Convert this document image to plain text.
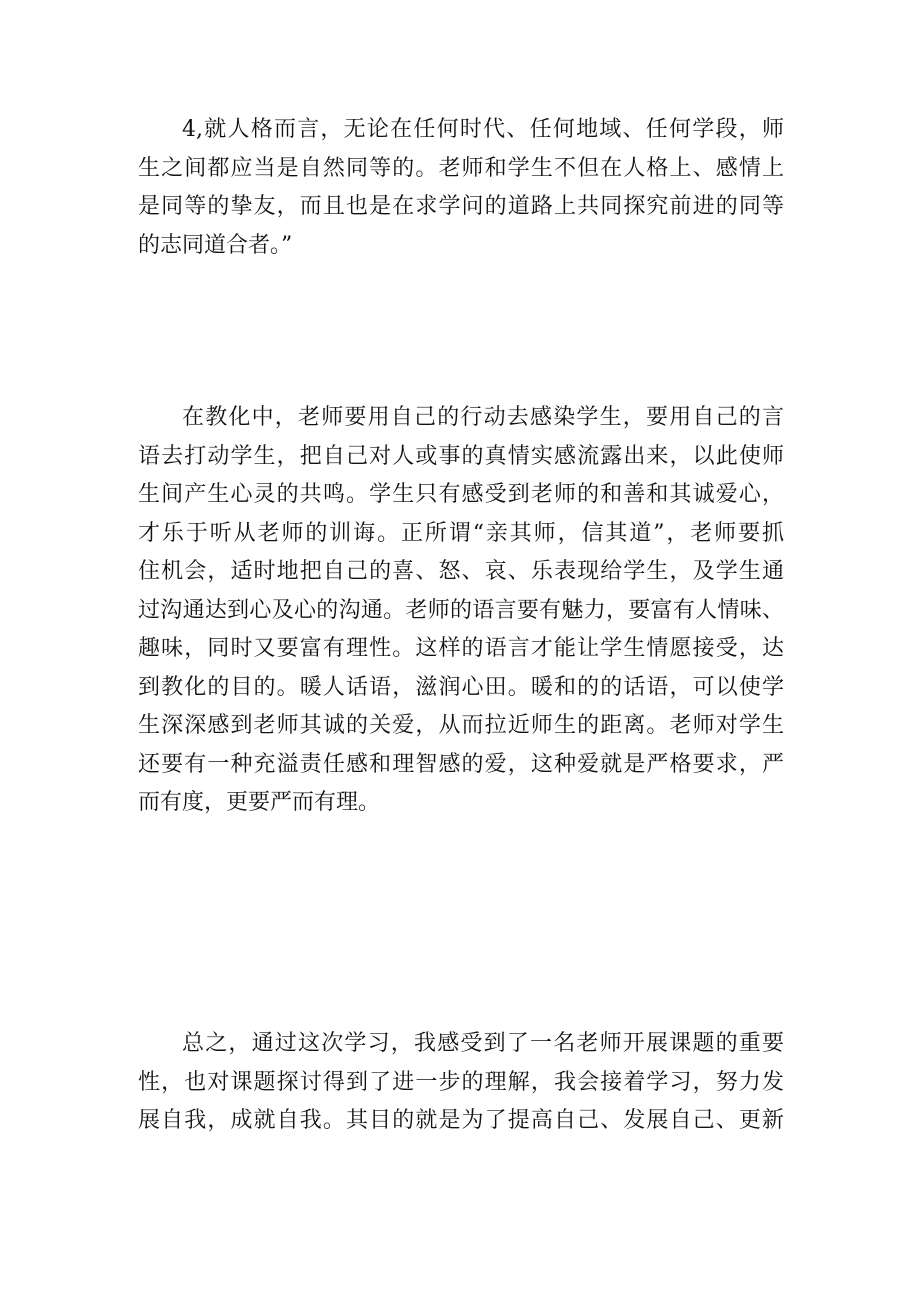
4,就人格而言，无论在任何时代、任何地域、任何学段，师
生之间都应当是自然同等的。老师和学生不但在人格上、感情上
是同等的挚友，而且也是在求学问的道路上共同探究前进的同等
的志同道合者。”
在教化中，老师要用自己的行动去感染学生，要用自己的言
语去打动学生，把自己对人或事的真情实感流露出来，以此使师
生间产生心灵的共鸣。学生只有感受到老师的和善和其诚爱心，
才乐于听从老师的训诲。正所谓“亲其师，信其道”，老师要抓
住机会，适时地把自己的喜、怒、哀、乐表现给学生，及学生通
过沟通达到心及心的沟通。老师的语言要有魅力，要富有人情味、
趣味，同时又要富有理性。这样的语言才能让学生情愿接受，达
到教化的目的。暖人话语，滋润心田。暖和的的话语，可以使学
生深深感到老师其诚的关爱，从而拉近师生的距离。老师对学生
还要有一种充溢责任感和理智感的爱，这种爱就是严格要求，严
而有度，更要严而有理。
总之，通过这次学习，我感受到了一名老师开展课题的重要
性，也对课题探讨得到了进一步的理解，我会接着学习，努力发
展自我，成就自我。其目的就是为了提高自己、发展自己、更新
